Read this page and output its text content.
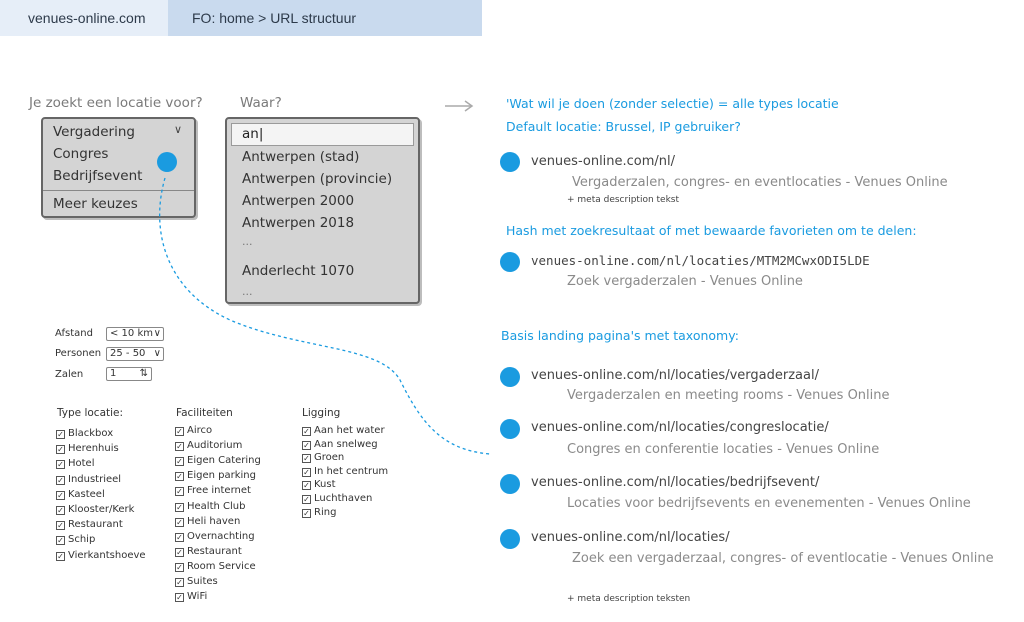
venues-online.com	FO: home > URL structuur
Je zoekt een locatie voor?	Waar?
Vergadering	∨
Congres
Bedrijfsevent
Meer keuzes
an|
Antwerpen (stad)
Antwerpen (provincie)
Antwerpen 2000
Antwerpen 2018
...
Anderlecht 1070
...
Afstand	< 10 km ∨
Personen 25 - 50 ∨
Zalen	1 ⇅
Type locatie:
✓ Blackbox
✓ Herenhuis
✓ Hotel
✓ Industrieel
✓ Kasteel
✓ Klooster/Kerk
✓ Restaurant
✓ Schip
✓ Vierkantshoeve
Faciliteiten
✓ Airco
✓ Auditorium
✓ Eigen Catering
✓ Eigen parking
✓ Free internet
✓ Health Club
✓ Heli haven
✓ Overnachting
✓ Restaurant
✓ Room Service
✓ Suites
✓ WiFi
Ligging
✓ Aan het water
✓ Aan snelweg
✓ Groen
✓ In het centrum
✓ Kust
✓ Luchthaven
✓ Ring
'Wat wil je doen (zonder selectie) = alle types locatie
Default locatie: Brussel, IP gebruiker?
venues-online.com/nl/
Vergaderzalen, congres- en eventlocaties - Venues Online
+ meta description tekst
Hash met zoekresultaat of met bewaarde favorieten om te delen:
venues-online.com/nl/locaties/MTM2MCwxODI5LDE
Zoek vergaderzalen - Venues Online
Basis landing pagina's met taxonomy:
venues-online.com/nl/locaties/vergaderzaal/
Vergaderzalen en meeting rooms - Venues Online
venues-online.com/nl/locaties/congreslocatie/
Congres en conferentie locaties - Venues Online
venues-online.com/nl/locaties/bedrijfsevent/
Locaties voor bedrijfsevents en evenementen - Venues Online
venues-online.com/nl/locaties/
Zoek een vergaderzaal, congres- of eventlocatie - Venues Online
+ meta description teksten
